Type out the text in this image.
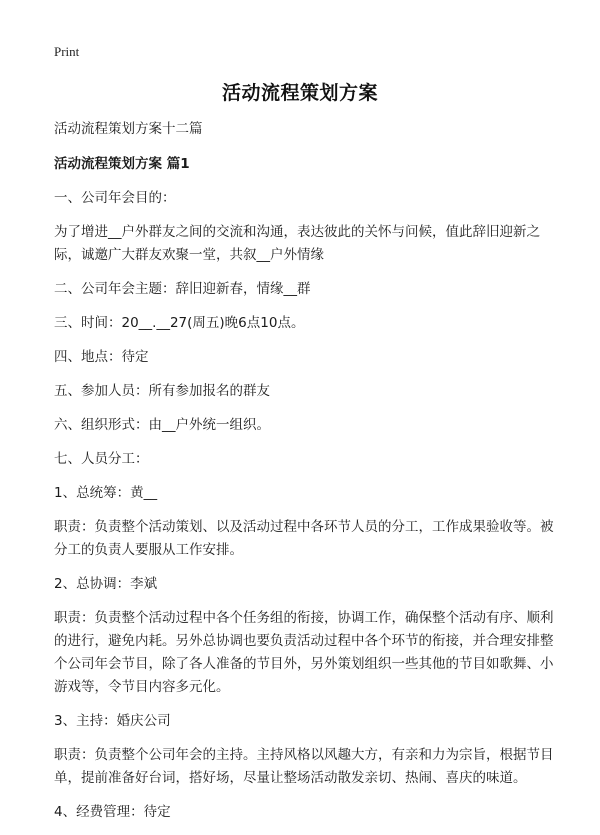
Print
活动流程策划方案

活动流程策划方案十二篇

活动流程策划方案 篇1

一、公司年会目的：

为了增进__户外群友之间的交流和沟通，表达彼此的关怀与问候，值此辞旧迎新之际，诚邀广大群友欢聚一堂，共叙__户外情缘

二、公司年会主题：辞旧迎新春，情缘__群

三、时间：20__.__27(周五)晚6点10点。

四、地点：待定

五、参加人员：所有参加报名的群友

六、组织形式：由__户外统一组织。

七、人员分工：

1、总统筹：黄__

职责：负责整个活动策划、以及活动过程中各环节人员的分工，工作成果验收等。被分工的负责人要服从工作安排。

2、总协调：李斌

职责：负责整个活动过程中各个任务组的衔接，协调工作，确保整个活动有序、顺利的进行，避免内耗。另外总协调也要负责活动过程中各个环节的衔接，并合理安排整个公司年会节目，除了各人准备的节目外，另外策划组织一些其他的节目如歌舞、小游戏等，令节目内容多元化。

3、主持：婚庆公司

职责：负责整个公司年会的主持。主持风格以风趣大方，有亲和力为宗旨，根据节目单，提前准备好台词，搭好场，尽量让整场活动散发亲切、热闹、喜庆的味道。

4、经费管理：待定
